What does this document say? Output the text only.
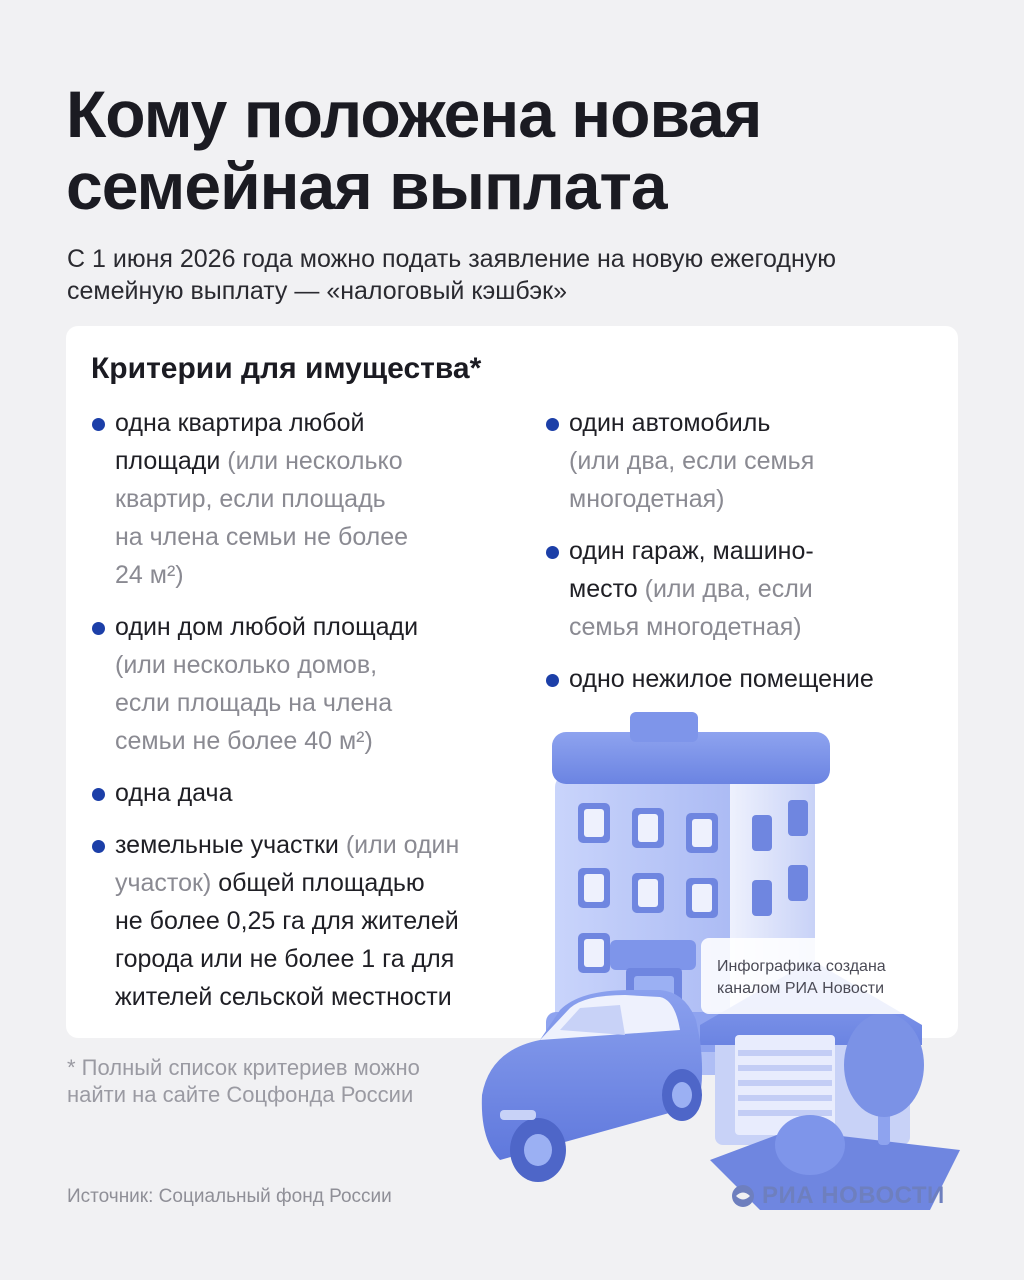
Кому положена новая
семейная выплата

С 1 июня 2026 года можно подать заявление на новую ежегодную
семейную выплату — «налоговый кэшбэк»

Критерии для имущества*
одна квартира любой
площади (или несколько
квартир, если площадь
на члена семьи не более
24 м²)
один дом любой площади
(или несколько домов,
если площадь на члена
семьи не более 40 м²)
одна дача
земельные участки (или один
участок) общей площадью
не более 0,25 га для жителей
города или не более 1 га для
жителей сельской местности
один автомобиль
(или два, если семья
многодетная)
один гараж, машино-
место (или два, если
семья многодетная)
одно нежилое помещение

* Полный список критериев можно
найти на сайте Соцфонда России

Источник: Социальный фонд России

Инфографика создана
каналом РИА Новости
РИА НОВОСТИ
